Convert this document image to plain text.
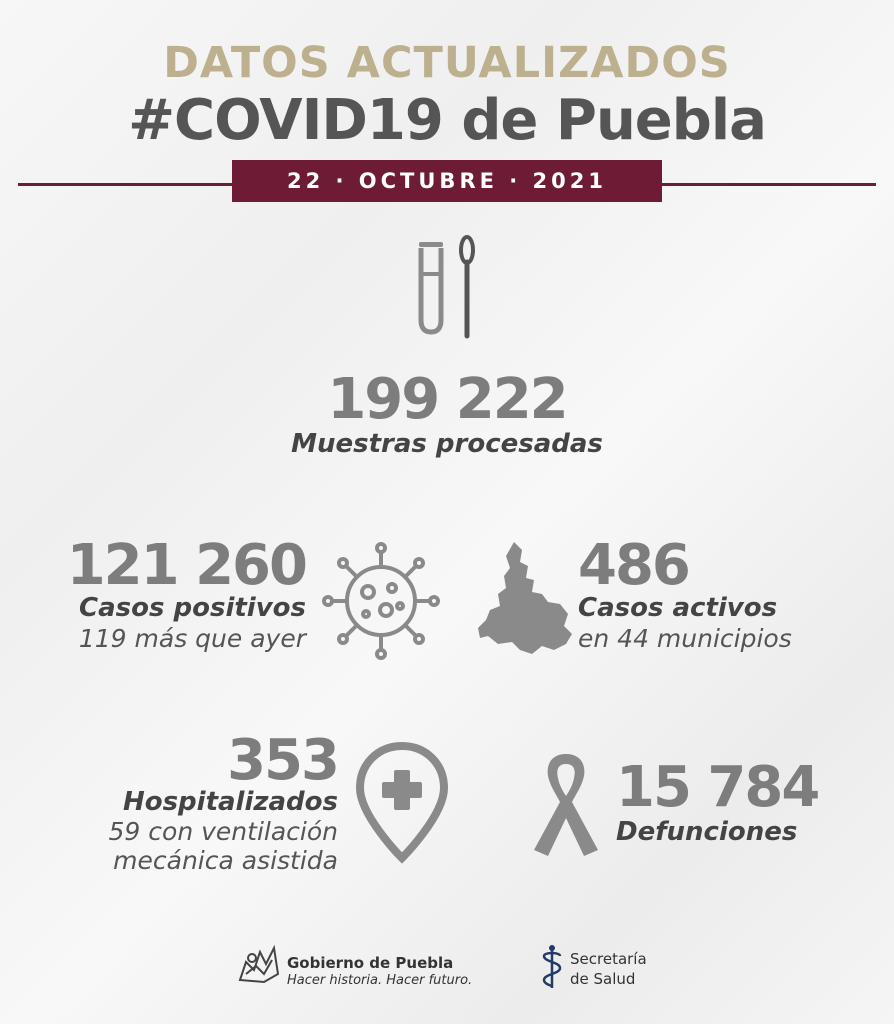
DATOS ACTUALIZADOS
#COVID19 de Puebla
22 · OCTUBRE · 2021
199 222
Muestras procesadas
121 260
Casos positivos
119 más que ayer
486
Casos activos
en 44 municipios
353
Hospitalizados
59 con ventilación
mecánica asistida
15 784
Defunciones
Gobierno de Puebla
Hacer historia. Hacer futuro.
Secretaría
de Salud
